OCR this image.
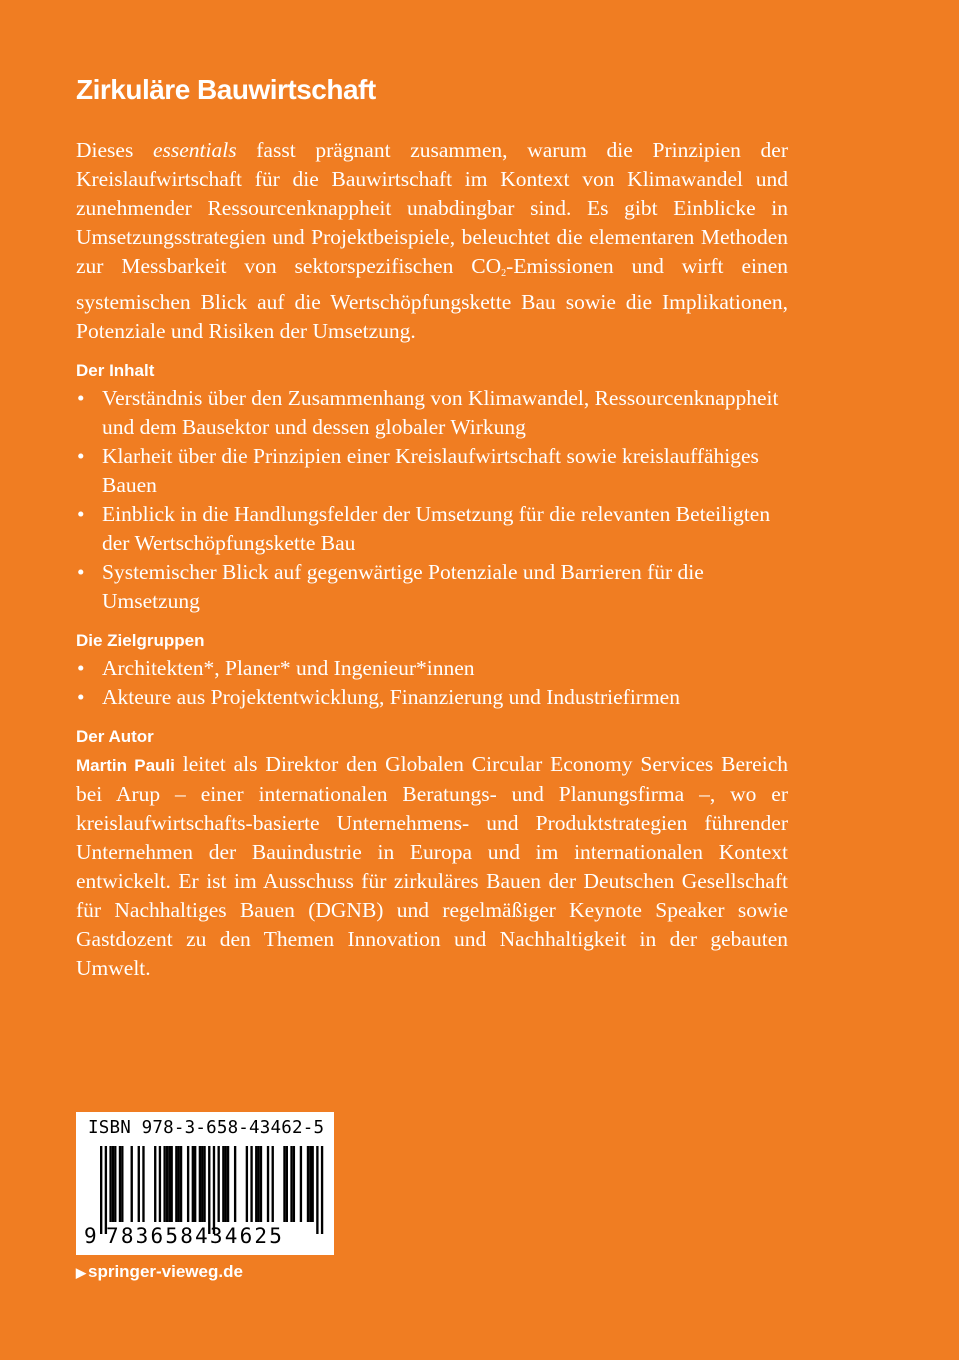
Zirkuläre Bauwirtschaft

Dieses essentials fasst prägnant zusammen, warum die Prinzipien der Kreislaufwirtschaft für die Bauwirtschaft im Kontext von Klimawandel und zunehmender Ressourcenknappheit unabdingbar sind. Es gibt Einblicke in Umsetzungsstrategien und Projektbeispiele, beleuchtet die elementaren Methoden zur Messbarkeit von sektorspezifischen $CO_2$-Emissionen und wirft einen systemischen Blick auf die Wertschöpfungskette Bau sowie die Implikationen, Potenziale und Risiken der Umsetzung.

Der Inhalt
• Verständnis über den Zusammenhang von Klimawandel, Ressourcenknappheit und dem Bausektor und dessen globaler Wirkung
• Klarheit über die Prinzipien einer Kreislaufwirtschaft sowie kreislauffähiges Bauen
• Einblick in die Handlungsfelder der Umsetzung für die relevanten Beteiligten der Wertschöpfungskette Bau
• Systemischer Blick auf gegenwärtige Potenziale und Barrieren für die Umsetzung
Die Zielgruppen
• Architekten*, Planer* und Ingenieur*innen
• Akteure aus Projektentwicklung, Finanzierung und Industriefirmen
Der Autor

Martin Pauli leitet als Direktor den Globalen Circular Economy Services Bereich bei Arup – einer internationalen Beratungs- und Planungsfirma –, wo er kreislaufwirtschafts-basierte Unternehmens- und Produktstrategien führender Unternehmen der Bauindustrie in Europa und im internationalen Kontext entwickelt. Er ist im Ausschuss für zirkuläres Bauen der Deutschen Gesellschaft für Nachhaltiges Bauen (DGNB) und regelmäßiger Keynote Speaker sowie Gastdozent zu den Themen Innovation und Nachhaltigkeit in der gebauten Umwelt.

ISBN 978-3-658-43462-5
9 783658434625
▶ springer-vieweg.de
